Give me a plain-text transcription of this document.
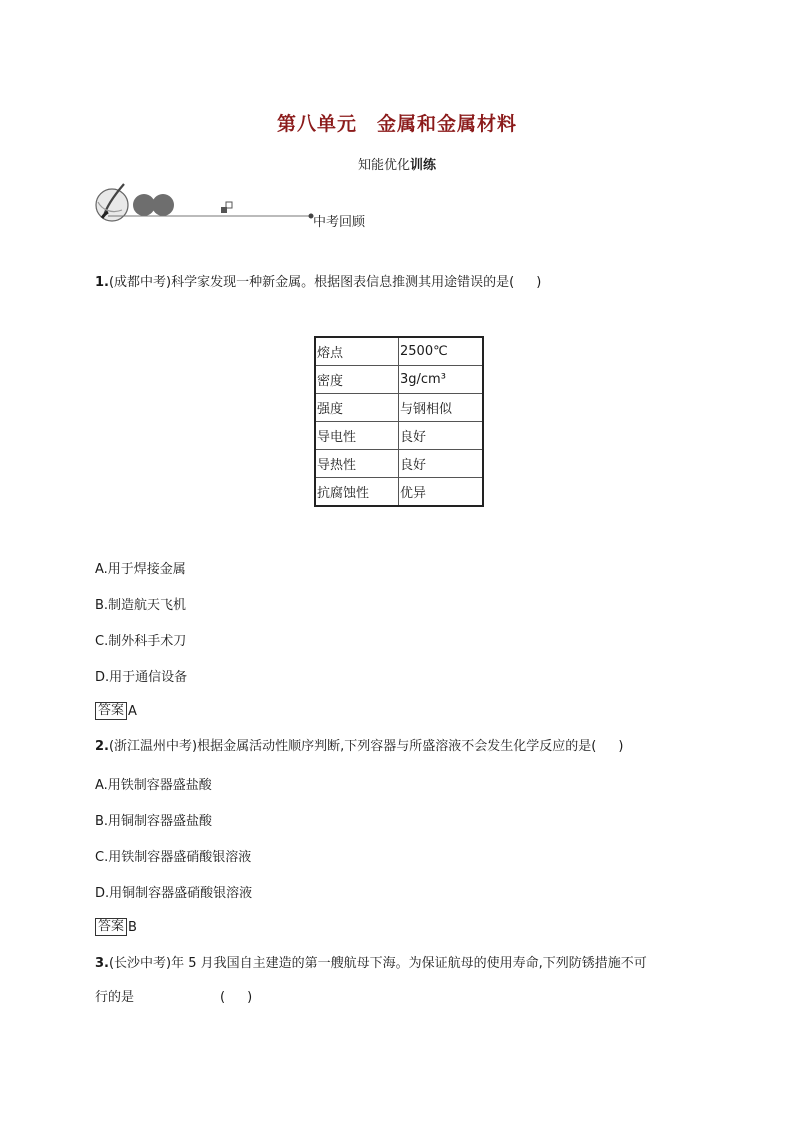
第八单元　金属和金属材料
知能优化训练
中考回顾
1.(成都中考)科学家发现一种新金属。根据图表信息推测其用途错误的是( )
熔点	2500℃
密度	3g/cm³
强度	与钢相似
导电性	良好
导热性	良好
抗腐蚀性	优异
A.用于焊接金属
B.制造航天飞机
C.制外科手术刀
D.用于通信设备
答案 A
2.(浙江温州中考)根据金属活动性顺序判断,下列容器与所盛溶液不会发生化学反应的是( )
A.用铁制容器盛盐酸
B.用铜制容器盛盐酸
C.用铁制容器盛硝酸银溶液
D.用铜制容器盛硝酸银溶液
答案 B
3.(长沙中考)年 5 月我国自主建造的第一艘航母下海。为保证航母的使用寿命,下列防锈措施不可
行的是	( )
